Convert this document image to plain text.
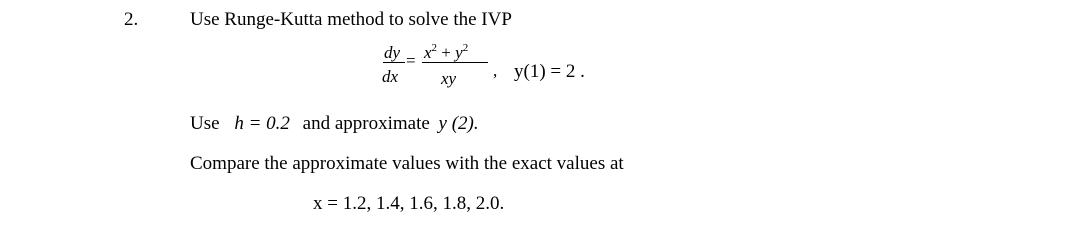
2.	Use Runge-Kutta method to solve the IVP
dy
dx
= $x^2 + y^2$
xy , y(1) = 2 .
Use h = 0.2 and approximate y (2).
Compare the approximate values with the exact values at
x = 1.2, 1.4, 1.6, 1.8, 2.0.
